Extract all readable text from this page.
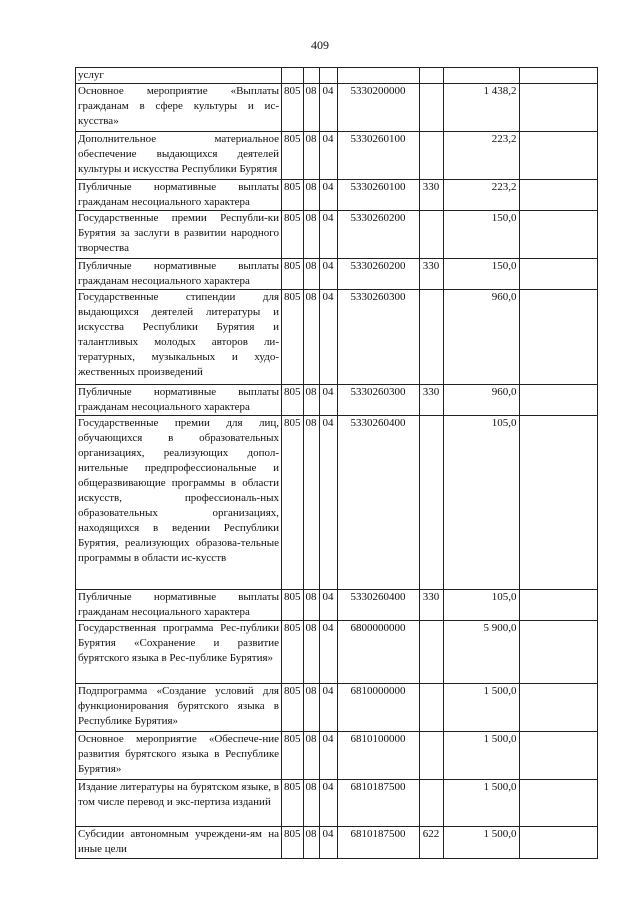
409
услуг							
Основное мероприятие «Выплаты гражданам в сфере культуры и ис-кусства»	805	08	04	5330200000		1 438,2	
Дополнительное материальное обеспечение выдающихся деятелей культуры и искусства Республики Бурятия	805	08	04	5330260100		223,2	
Публичные нормативные выплаты гражданам несоциального характера	805	08	04	5330260100	330	223,2	
Государственные премии Республи-ки Бурятия за заслуги в развитии народного творчества	805	08	04	5330260200		150,0	
Публичные нормативные выплаты гражданам несоциального характера	805	08	04	5330260200	330	150,0	
Государственные стипендии для выдающихся деятелей литературы и искусства Республики Бурятия и талантливых молодых авторов ли-тературных, музыкальных и худо-жественных произведений	805	08	04	5330260300		960,0	
Публичные нормативные выплаты гражданам несоциального характера	805	08	04	5330260300	330	960,0	
Государственные премии для лиц, обучающихся в образовательных организациях, реализующих допол-нительные предпрофессиональные и общеразвивающие программы в области искусств, профессиональ-ных образовательных организациях, находящихся в ведении Республики Бурятия, реализующих образова-тельные программы в области ис-кусств	805	08	04	5330260400		105,0	
Публичные нормативные выплаты гражданам несоциального характера	805	08	04	5330260400	330	105,0	
Государственная программа Рес-публики Бурятия «Сохранение и развитие бурятского языка в Рес-публике Бурятия»	805	08	04	6800000000		5 900,0	
Подпрограмма «Создание условий для функционирования бурятского языка в Республике Бурятия»	805	08	04	6810000000		1 500,0	
Основное мероприятие «Обеспече-ние развития бурятского языка в Республике Бурятия»	805	08	04	6810100000		1 500,0	
Издание литературы на бурятском языке, в том числе перевод и экс-пертиза изданий	805	08	04	6810187500		1 500,0	
Субсидии автономным учреждени-ям на иные цели	805	08	04	6810187500	622	1 500,0	
